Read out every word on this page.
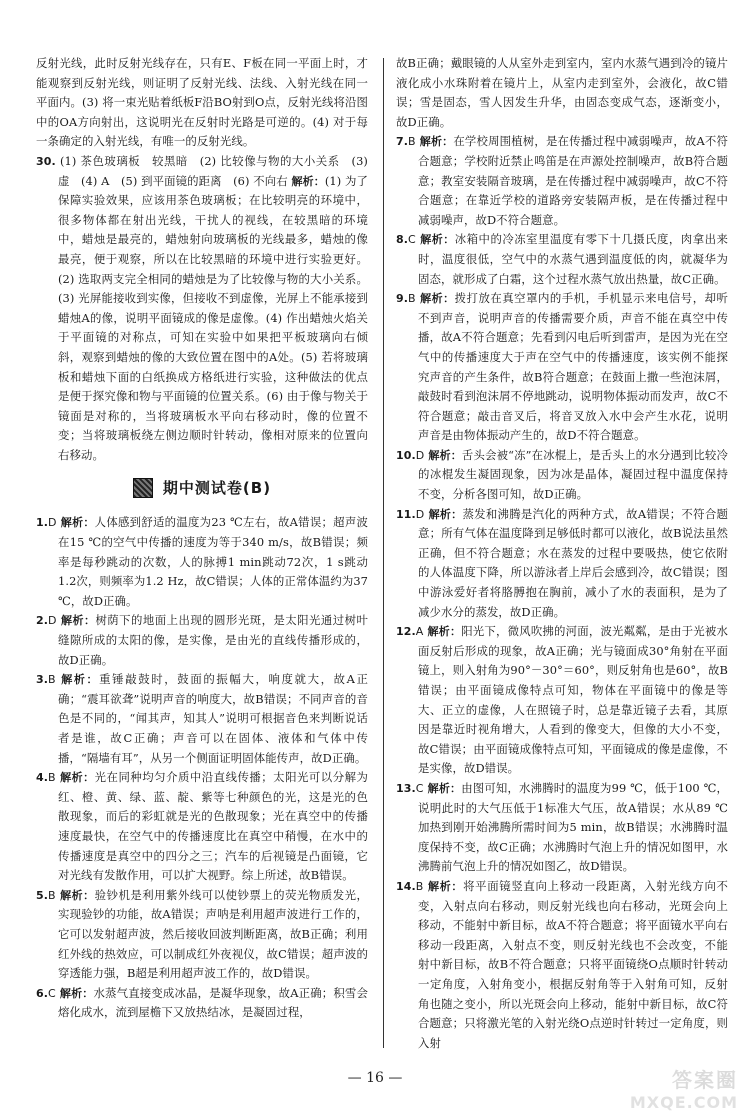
反射光线，此时反射光线存在，只有E、F板在同一平面上时，才能观察到反射光线，则证明了反射光线、法线、入射光线在同一平面内。(3) 将一束光贴着纸板F沿BO射到O点，反射光线将沿图中的OA方向射出，这说明光在反射时光路是可逆的。(4) 对于每一条确定的入射光线，有唯一的反射光线。

30. (1) 茶色玻璃板　较黑暗　(2) 比较像与物的大小关系　(3) 虚　(4) A　(5) 到平面镜的距离　(6) 不向右 解析：(1) 为了保障实验效果，应该用茶色玻璃板；在比较明亮的环境中，很多物体都在射出光线，干扰人的视线，在较黑暗的环境中，蜡烛是最亮的，蜡烛射向玻璃板的光线最多，蜡烛的像最亮，便于观察，所以在比较黑暗的环境中进行实验更好。(2) 选取两支完全相同的蜡烛是为了比较像与物的大小关系。(3) 光屏能接收到实像，但接收不到虚像，光屏上不能承接到蜡烛A的像，说明平面镜成的像是虚像。(4) 作出蜡烛火焰关于平面镜的对称点，可知在实验中如果把平板玻璃向右倾斜，观察到蜡烛的像的大致位置在图中的A处。(5) 若将玻璃板和蜡烛下面的白纸换成方格纸进行实验，这种做法的优点是便于探究像和物与平面镜的位置关系。(6) 由于像与物关于镜面是对称的，当将玻璃板水平向右移动时，像的位置不变；当将玻璃板绕左侧边顺时针转动，像相对原来的位置向右移动。

期中测试卷(B)

1.D 解析：人体感到舒适的温度为23 ℃左右，故A错误；超声波在15 ℃的空气中传播的速度为等于340 m/s，故B错误；频率是每秒跳动的次数，人的脉搏1 min跳动72次，1 s跳动1.2次，则频率为1.2 Hz，故C错误；人体的正常体温约为37 ℃，故D正确。

2.D 解析：树荫下的地面上出现的圆形光斑，是太阳光通过树叶缝隙所成的太阳的像，是实像，是由光的直线传播形成的，故D正确。

3.B 解析：重锤敲鼓时，鼓面的振幅大，响度就大，故A正确；“震耳欲聋”说明声音的响度大，故B错误；不同声音的音色是不同的，“闻其声，知其人”说明可根据音色来判断说话者是谁，故C正确；声音可以在固体、液体和气体中传播，“隔墙有耳”，从另一个侧面证明固体能传声，故D正确。

4.B 解析：光在同种均匀介质中沿直线传播；太阳光可以分解为红、橙、黄、绿、蓝、靛、紫等七种颜色的光，这是光的色散现象，而后的彩虹就是光的色散现象；光在真空中的传播速度最快，在空气中的传播速度比在真空中稍慢，在水中的传播速度是真空中的四分之三；汽车的后视镜是凸面镜，它对光线有发散作用，可以扩大视野。综上所述，故B错误。

5.B 解析：验钞机是利用紫外线可以使钞票上的荧光物质发光，实现验钞的功能，故A错误；声呐是利用超声波进行工作的，它可以发射超声波，然后接收回波判断距离，故B正确；利用红外线的热效应，可以制成红外夜视仪，故C错误；超声波的穿透能力强，B超是利用超声波工作的，故D错误。

6.C 解析：水蒸气直接变成冰晶，是凝华现象，故A正确；积雪会熔化成水，流到屋檐下又放热结冰，是凝固过程，

故B正确；戴眼镜的人从室外走到室内，室内水蒸气遇到冷的镜片液化成小水珠附着在镜片上，从室内走到室外，会液化，故C错误；雪是固态，雪人因发生升华，由固态变成气态，逐渐变小，故D正确。

7.B 解析：在学校周围植树，是在传播过程中减弱噪声，故A不符合题意；学校附近禁止鸣笛是在声源处控制噪声，故B符合题意；教室安装隔音玻璃，是在传播过程中减弱噪声，故C不符合题意；在靠近学校的道路旁安装隔声板，是在传播过程中减弱噪声，故D不符合题意。

8.C 解析：冰箱中的冷冻室里温度有零下十几摄氏度，肉拿出来时，温度很低，空气中的水蒸气遇到温度低的肉，就凝华为固态，就形成了白霜，这个过程水蒸气放出热量，故C正确。

9.B 解析：拨打放在真空罩内的手机，手机显示来电信号，却听不到声音，说明声音的传播需要介质，声音不能在真空中传播，故A不符合题意；先看到闪电后听到雷声，是因为光在空气中的传播速度大于声在空气中的传播速度，该实例不能探究声音的产生条件，故B符合题意；在鼓面上撒一些泡沫屑，敲鼓时看到泡沫屑不停地跳动，说明物体振动而发声，故C不符合题意；敲击音叉后，将音叉放入水中会产生水花，说明声音是由物体振动产生的，故D不符合题意。

10.D 解析：舌头会被“冻”在冰棍上，是舌头上的水分遇到比较冷的冰棍发生凝固现象，因为冰是晶体，凝固过程中温度保持不变，分析各图可知，故D正确。

11.D 解析：蒸发和沸腾是汽化的两种方式，故A错误；不符合题意；所有气体在温度降到足够低时都可以液化，故B说法虽然正确，但不符合题意；水在蒸发的过程中要吸热，使它依附的人体温度下降，所以游泳者上岸后会感到冷，故C错误；图中游泳爱好者将胳膊抱在胸前，减小了水的表面积，是为了减少水分的蒸发，故D正确。

12.A 解析：阳光下，微风吹拂的河面，波光粼粼，是由于光被水面反射后形成的现象，故A正确；光与镜面成30°角射在平面镜上，则入射角为90°－30°＝60°，则反射角也是60°，故B错误；由平面镜成像特点可知，物体在平面镜中的像是等大、正立的虚像，人在照镜子时，总是靠近镜子去看，其原因是靠近时视角增大，人看到的像变大，但像的大小不变，故C错误；由平面镜成像特点可知，平面镜成的像是虚像，不是实像，故D错误。

13.C 解析：由图可知，水沸腾时的温度为99 ℃，低于100 ℃，说明此时的大气压低于1标准大气压，故A错误；水从89 ℃加热到刚开始沸腾所需时间为5 min，故B错误；水沸腾时温度保持不变，故C正确；水沸腾时气泡上升的情况如图甲，水沸腾前气泡上升的情况如图乙，故D错误。

14.B 解析：将平面镜竖直向上移动一段距离，入射光线方向不变，入射点向右移动，则反射光线也向右移动，光斑会向上移动，不能射中新目标，故A不符合题意；将平面镜水平向右移动一段距离，入射点不变，则反射光线也不会改变，不能射中新目标，故B不符合题意；只将平面镜绕O点顺时针转动一定角度，入射角变小，根据反射角等于入射角可知，反射角也随之变小，所以光斑会向上移动，能射中新目标，故C符合题意；只将激光笔的入射光绕O点逆时针转过一定角度，则入射

— 16 —	答案圈
MXQE.COM
